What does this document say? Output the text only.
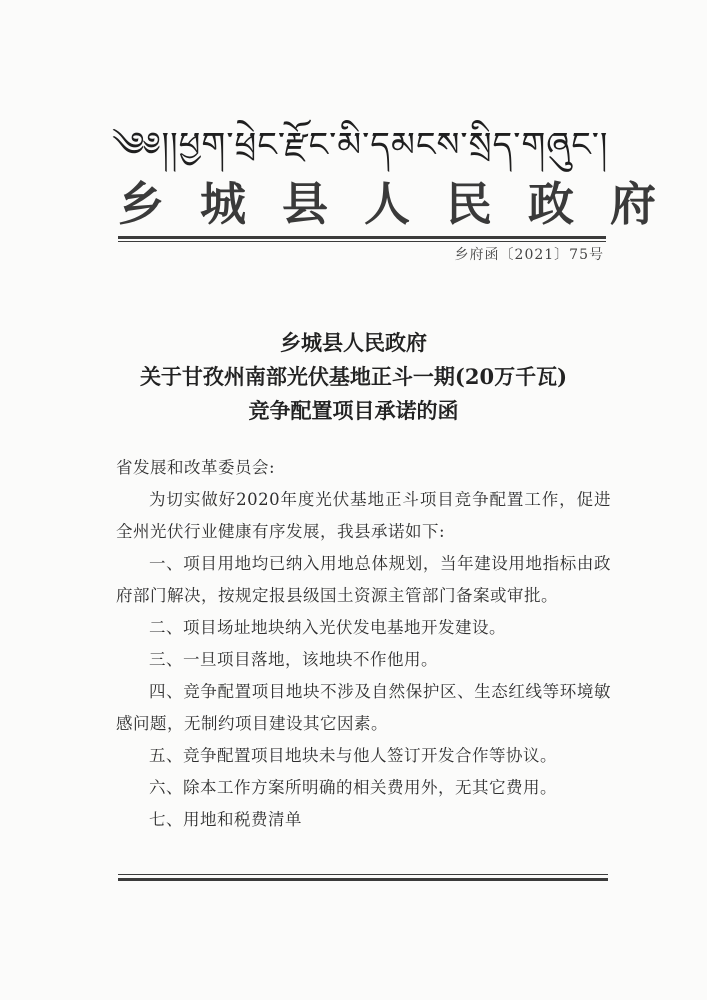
༄༅།།ཕྱག་ཕྲེང་རྫོང་མི་དམངས་སྲིད་གཞུང་།
乡城县人民政府
乡府函〔2021〕75号
乡城县人民政府
关于甘孜州南部光伏基地正斗一期(20万千瓦)
竞争配置项目承诺的函
省发展和改革委员会:
为切实做好2020年度光伏基地正斗项目竞争配置工作，促进全州光伏行业健康有序发展，我县承诺如下:
一、项目用地均已纳入用地总体规划，当年建设用地指标由政府部门解决，按规定报县级国土资源主管部门备案或审批。
二、项目场址地块纳入光伏发电基地开发建设。
三、一旦项目落地，该地块不作他用。
四、竞争配置项目地块不涉及自然保护区、生态红线等环境敏感问题，无制约项目建设其它因素。
五、竞争配置项目地块未与他人签订开发合作等协议。
六、除本工作方案所明确的相关费用外，无其它费用。
七、用地和税费清单
